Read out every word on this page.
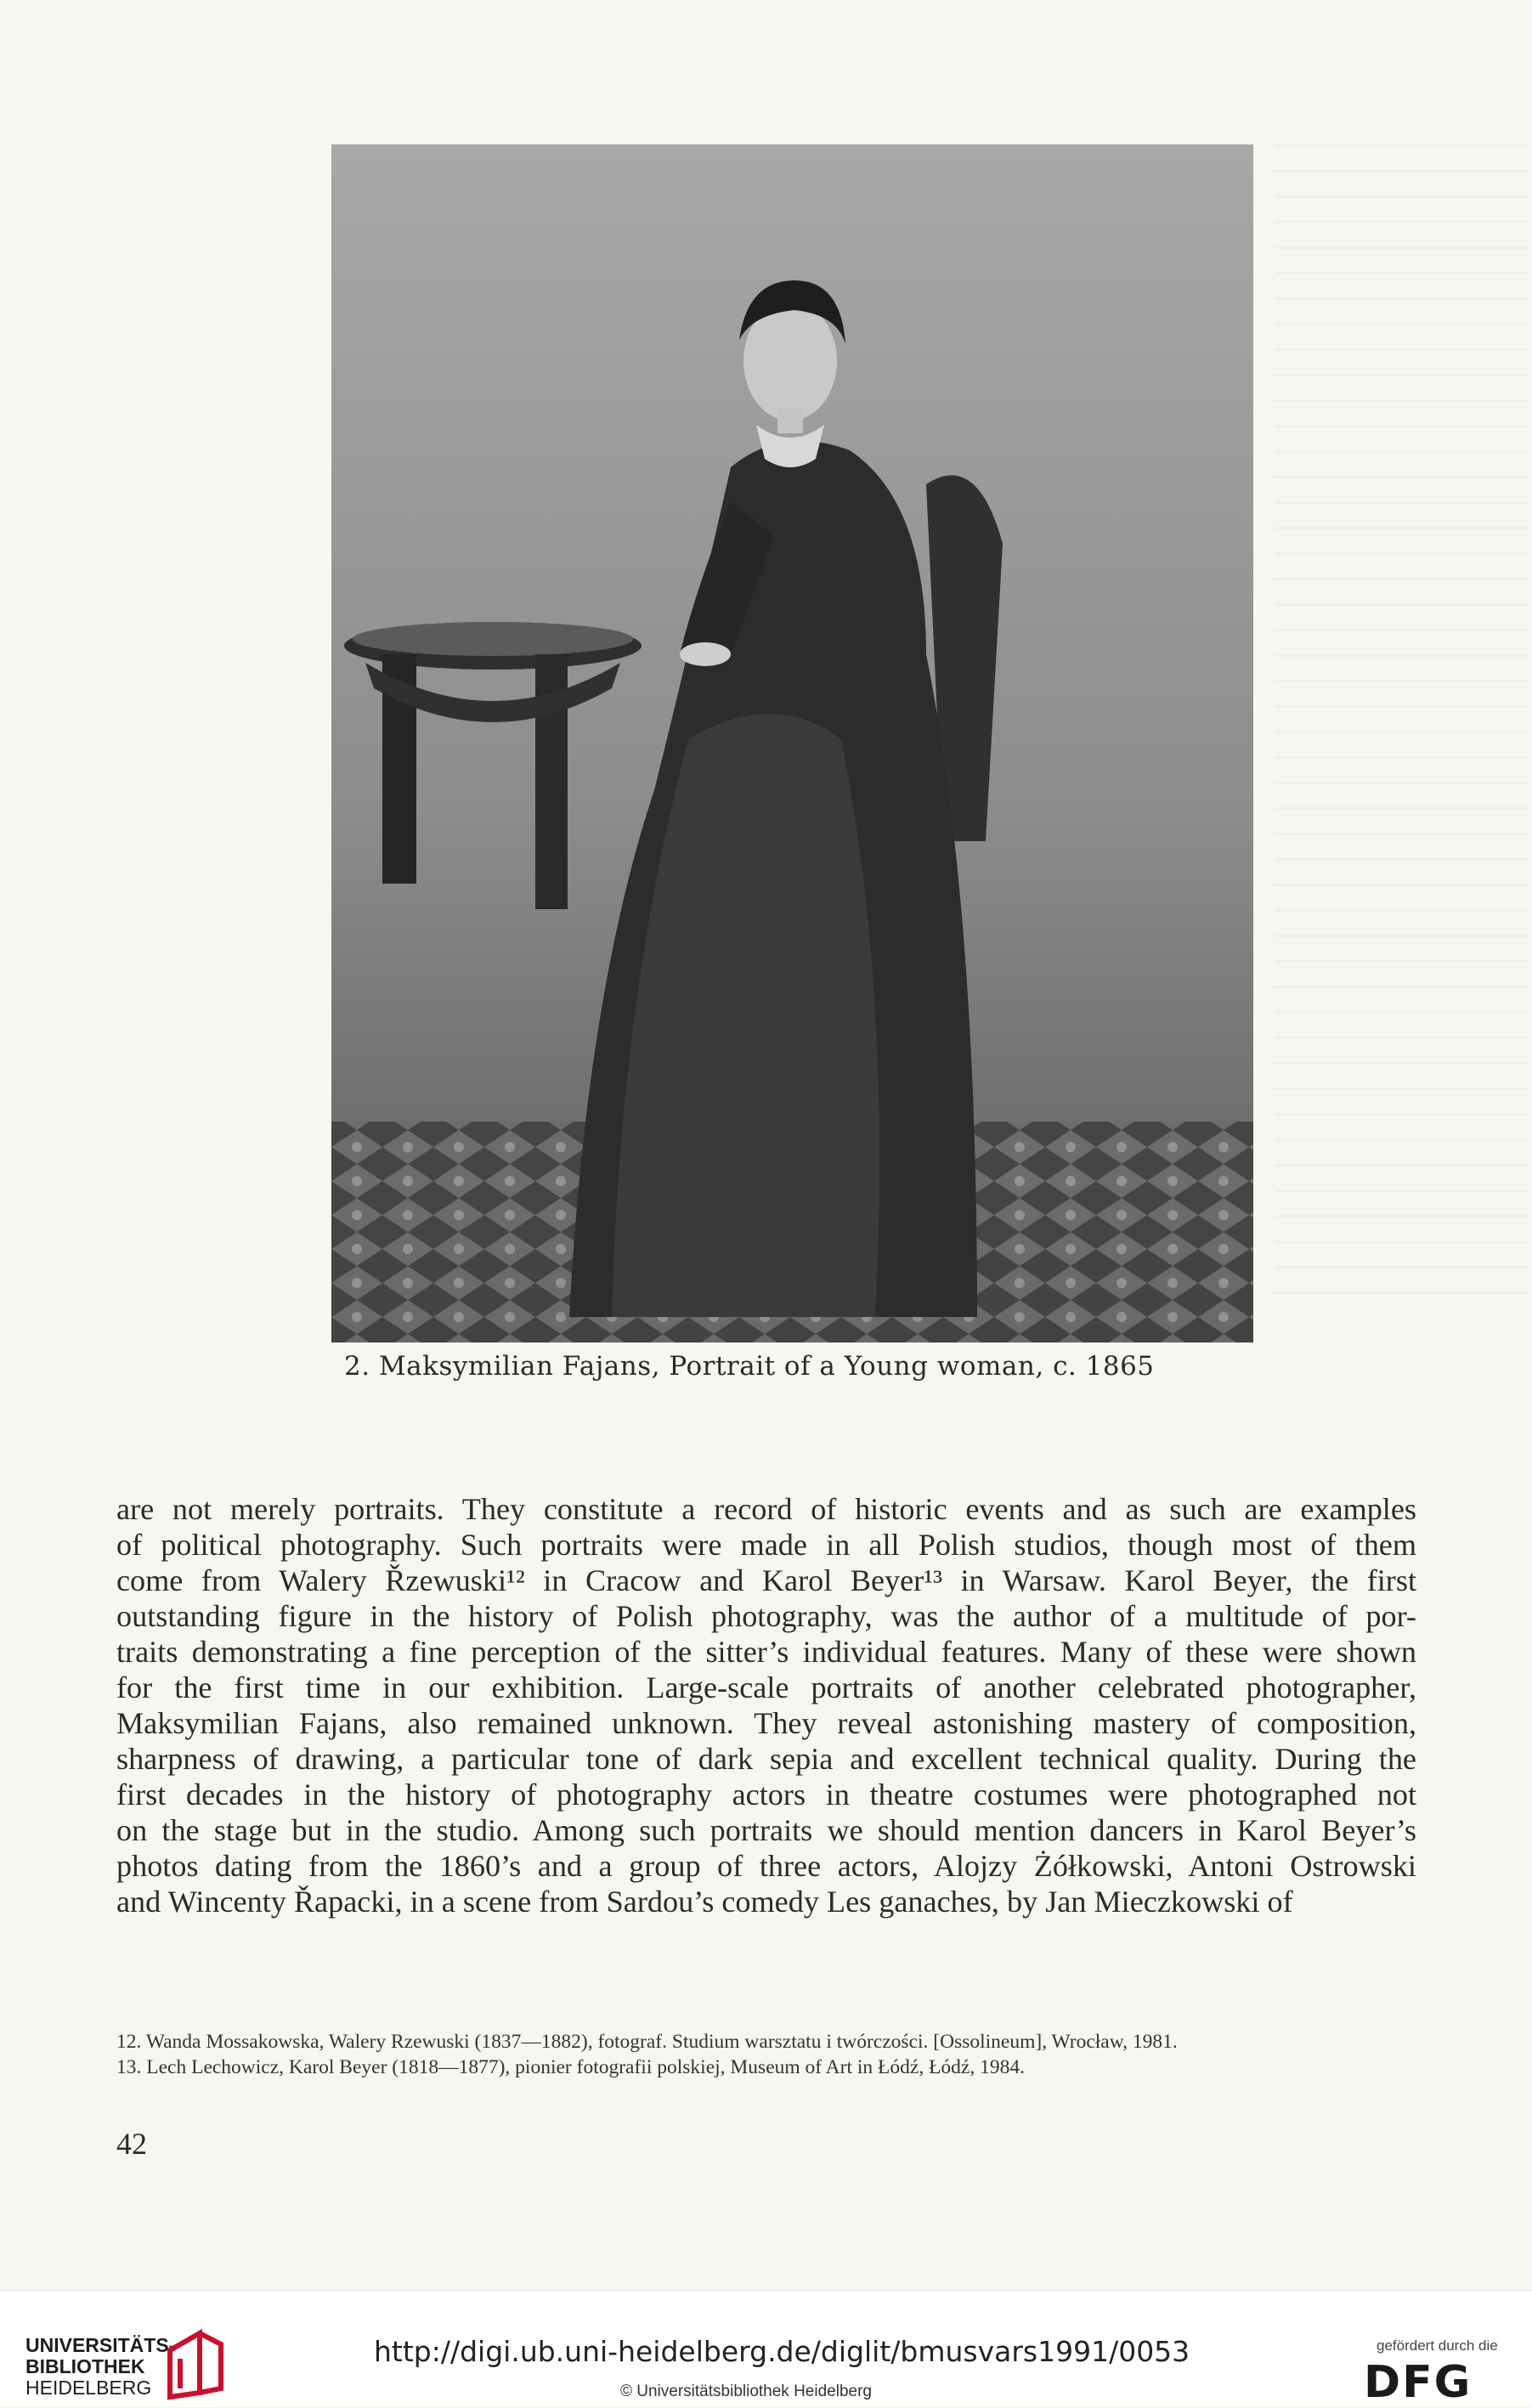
2. Maksymilian Fajans, Portrait of a Young woman, c. 1865
are not merely portraits. They constitute a record of historic events and as such are examples
of political photography. Such portraits were made in all Polish studios, though most of them
come from Walery Řzewuski¹² in Cracow and Karol Beyer¹³ in Warsaw. Karol Beyer, the first
outstanding figure in the history of Polish photography, was the author of a multitude of por-
traits demonstrating a fine perception of the sitter’s individual features. Many of these were shown
for the first time in our exhibition. Large-scale portraits of another celebrated photographer,
Maksymilian Fajans, also remained unknown. They reveal astonishing mastery of composition,
sharpness of drawing, a particular tone of dark sepia and excellent technical quality. During the
first decades in the history of photography actors in theatre costumes were photographed not
on the stage but in the studio. Among such portraits we should mention dancers in Karol Beyer’s
photos dating from the 1860’s and a group of three actors, Alojzy Żółkowski, Antoni Ostrowski
and Wincenty Řapacki, in a scene from Sardou’s comedy Les ganaches, by Jan Mieczkowski of
12. Wanda Mossakowska, Walery Rzewuski (1837—1882), fotograf. Studium warsztatu i twórczości. [Ossolineum], Wrocław, 1981.
13. Lech Lechowicz, Karol Beyer (1818—1877), pionier fotografii polskiej, Museum of Art in Łódź, Łódź, 1984.
42
UNIVERSITÄTS-
BIBLIOTHEK
HEIDELBERG
http://digi.ub.uni-heidelberg.de/diglit/bmusvars1991/0053
© Universitätsbibliothek Heidelberg
gefördert durch die
DFG
